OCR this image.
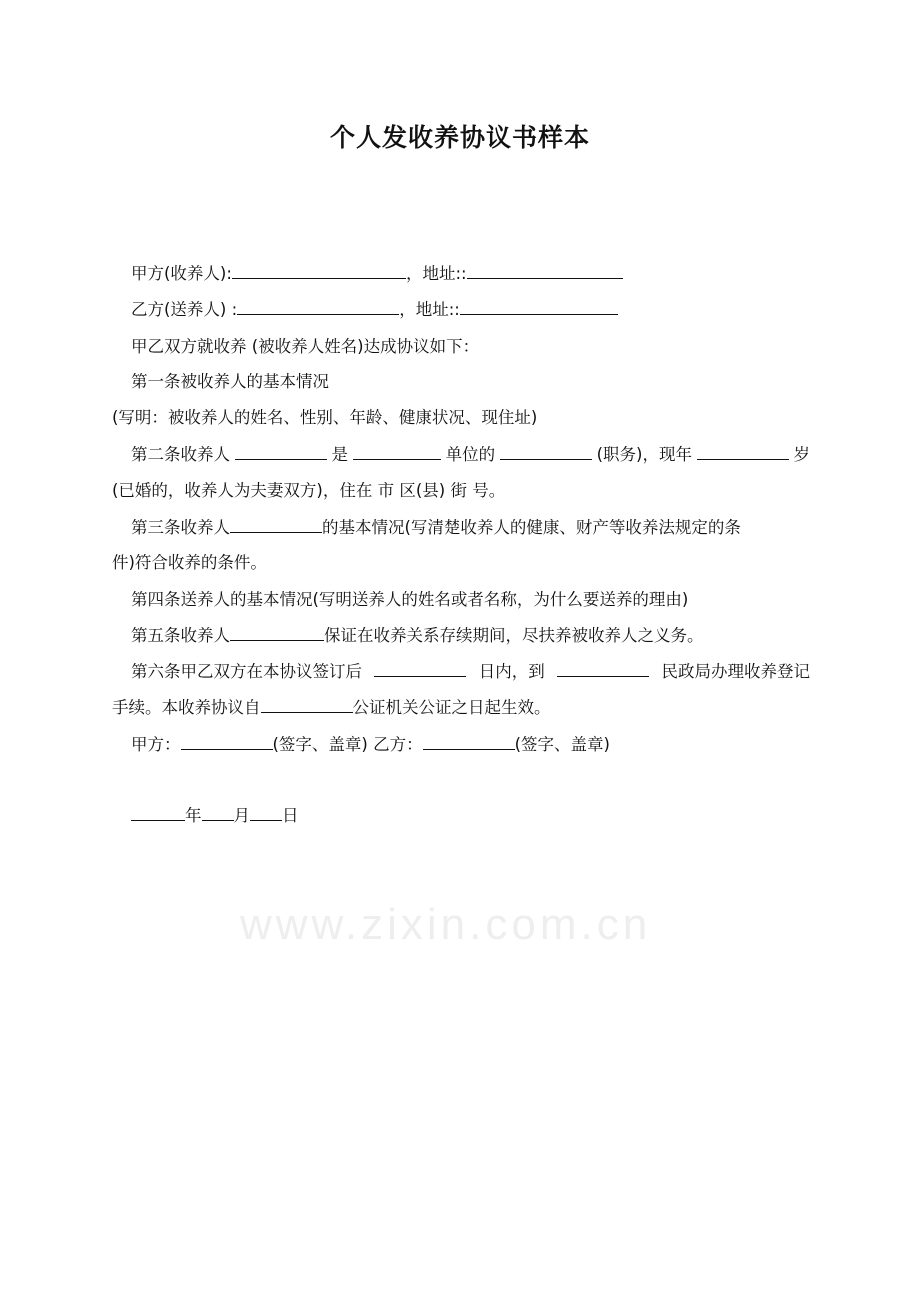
个人发收养协议书样本
www.zixin.com.cn
甲方(收养人):	，地址::
乙方(送养人) :	，地址::
甲乙双方就收养 (被收养人姓名)达成协议如下：
第一条被收养人的基本情况
(写明：被收养人的姓名、性别、年龄、健康状况、现住址)
第二条收养人	是	单位的	(职务)，现年	岁
(已婚的，收养人为夫妻双方)，住在 市 区(县) 街 号。
第三条收养人	的基本情况(写清楚收养人的健康、财产等收养法规定的条
件)符合收养的条件。
第四条送养人的基本情况(写明送养人的姓名或者名称，为什么要送养的理由)
第五条收养人	保证在收养关系存续期间，尽扶养被收养人之义务。
第六条甲乙双方在本协议签订后	日内，到	民政局办理收养登记
手续。本收养协议自	公证机关公证之日起生效。
甲方：	(签字、盖章) 乙方：	(签字、盖章)
年 月 日
